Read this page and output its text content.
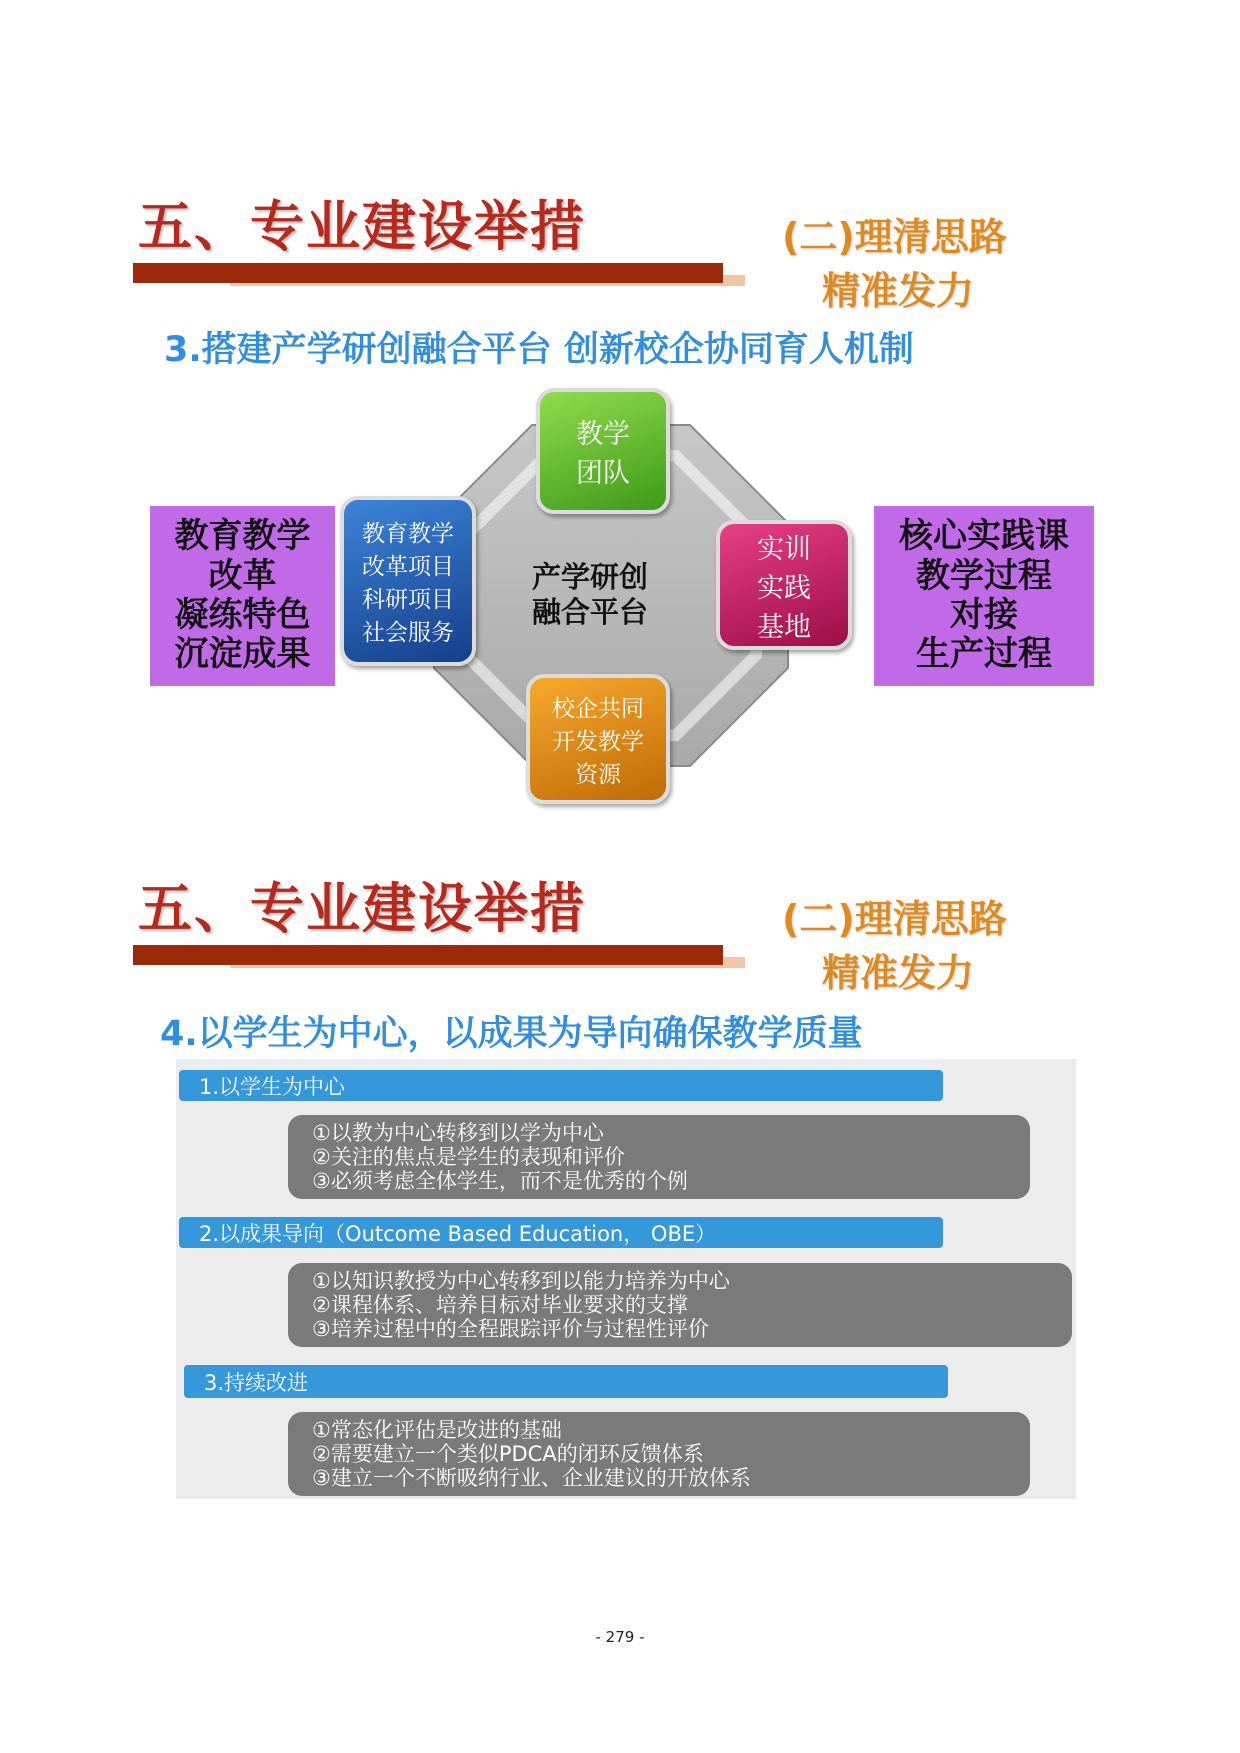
五、专业建设举措	(二)理清思路
精准发力
3.搭建产学研创融合平台 创新校企协同育人机制
产学研创
融合平台
教育教学
改革
凝练特色
沉淀成果
核心实践课
教学过程
对接
生产过程
教学
团队
教育教学
改革项目
科研项目
社会服务
实训
实践
基地
校企共同
开发教学
资源
五、专业建设举措	(二)理清思路
精准发力
4.以学生为中心，以成果为导向确保教学质量
1.以学生为中心
①以教为中心转移到以学为中心
②关注的焦点是学生的表现和评价
③必须考虑全体学生，而不是优秀的个例
2.以成果导向（Outcome Based Education， OBE）
①以知识教授为中心转移到以能力培养为中心
②课程体系、培养目标对毕业要求的支撑
③培养过程中的全程跟踪评价与过程性评价
3.持续改进
①常态化评估是改进的基础
②需要建立一个类似PDCA的闭环反馈体系
③建立一个不断吸纳行业、企业建议的开放体系
- 279 -
